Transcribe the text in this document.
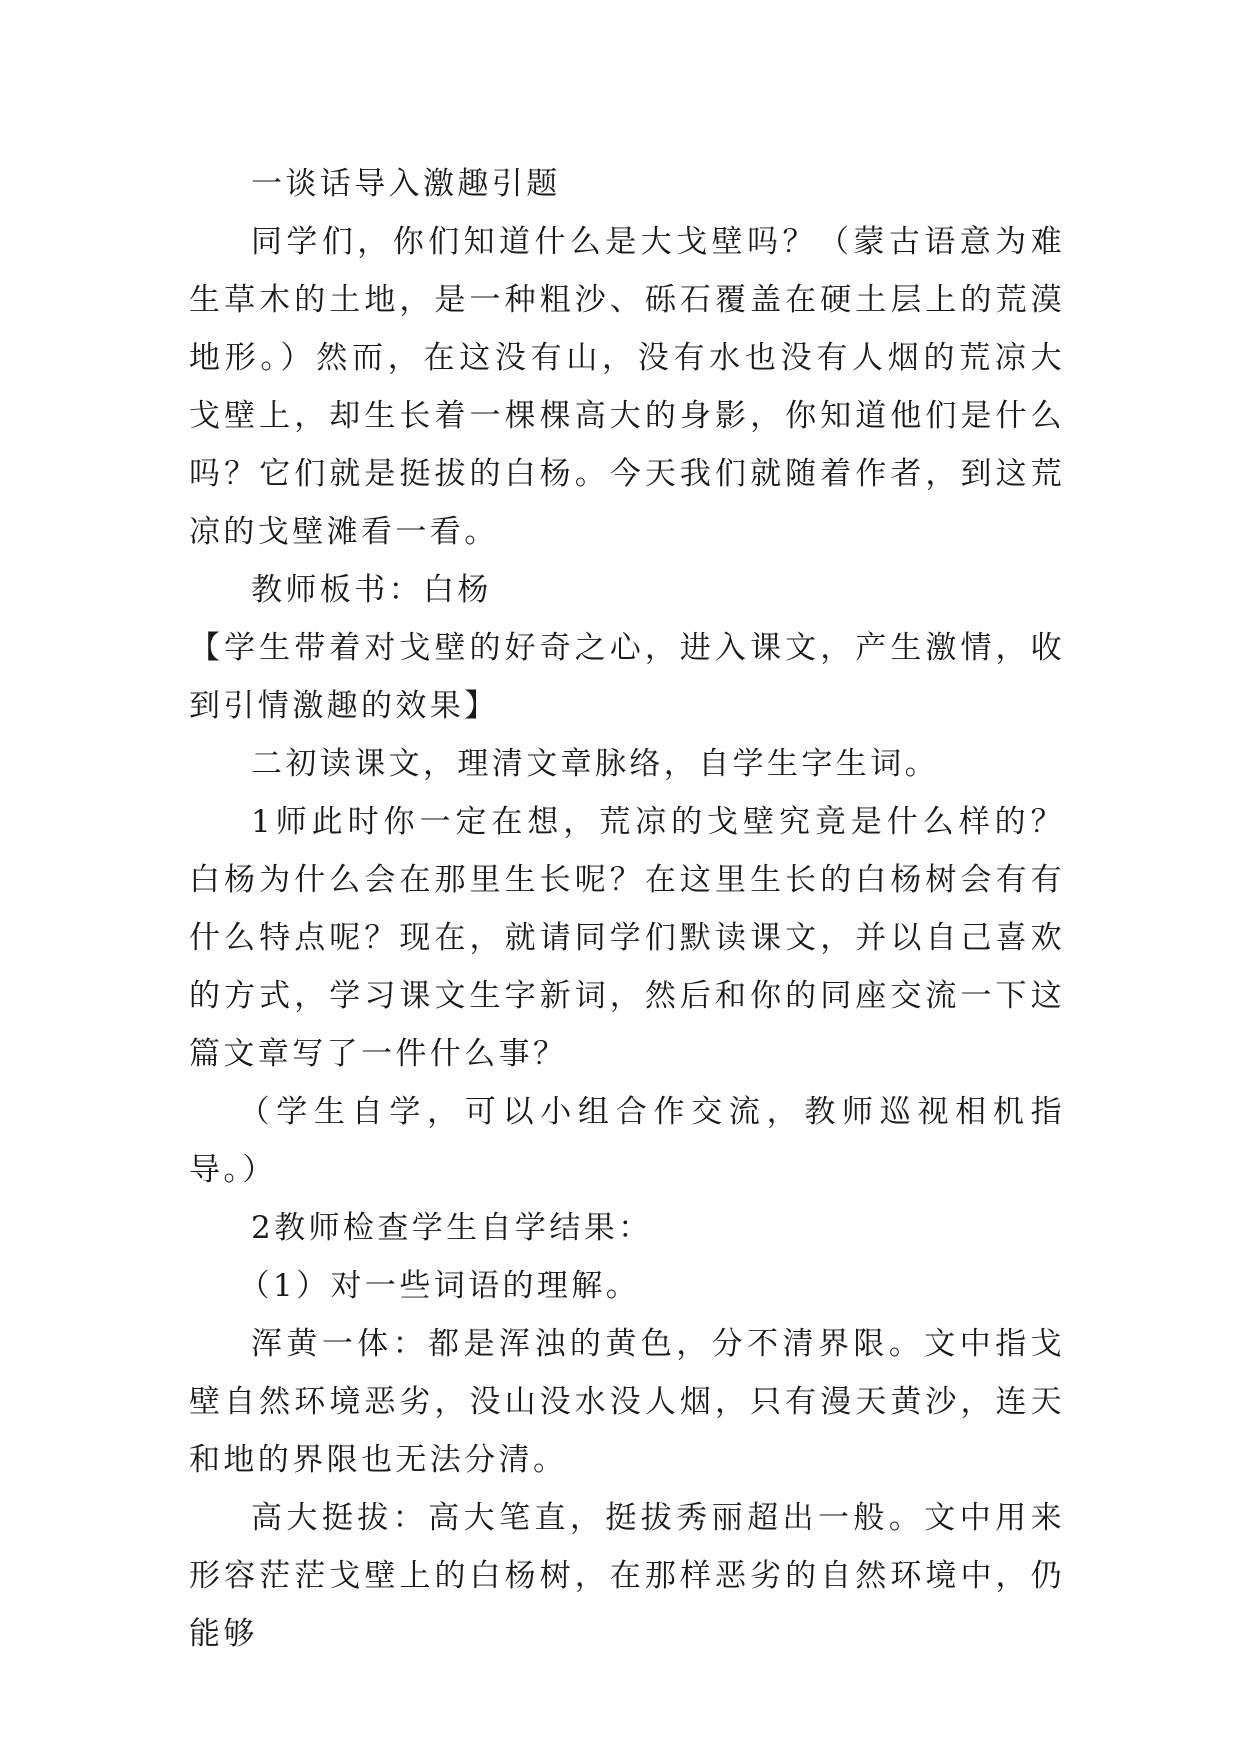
一谈话导入激趣引题

同学们，你们知道什么是大戈壁吗？（蒙古语意为难生草木的土地，是一种粗沙、砾石覆盖在硬土层上的荒漠地形。）然而，在这没有山，没有水也没有人烟的荒凉大戈壁上，却生长着一棵棵高大的身影，你知道他们是什么吗？它们就是挺拔的白杨。今天我们就随着作者，到这荒凉的戈壁滩看一看。

教师板书：白杨

【学生带着对戈壁的好奇之心，进入课文，产生激情，收到引情激趣的效果】

二初读课文，理清文章脉络，自学生字生词。

1师此时你一定在想，荒凉的戈壁究竟是什么样的？白杨为什么会在那里生长呢？在这里生长的白杨树会有有什么特点呢？现在，就请同学们默读课文，并以自己喜欢的方式，学习课文生字新词，然后和你的同座交流一下这篇文章写了一件什么事？

（学生自学，可以小组合作交流，教师巡视相机指导。）

2教师检查学生自学结果：

（1）对一些词语的理解。

浑黄一体：都是浑浊的黄色，分不清界限。文中指戈壁自然环境恶劣，没山没水没人烟，只有漫天黄沙，连天和地的界限也无法分清。

高大挺拔：高大笔直，挺拔秀丽超出一般。文中用来形容茫茫戈壁上的白杨树，在那样恶劣的自然环境中，仍能够
